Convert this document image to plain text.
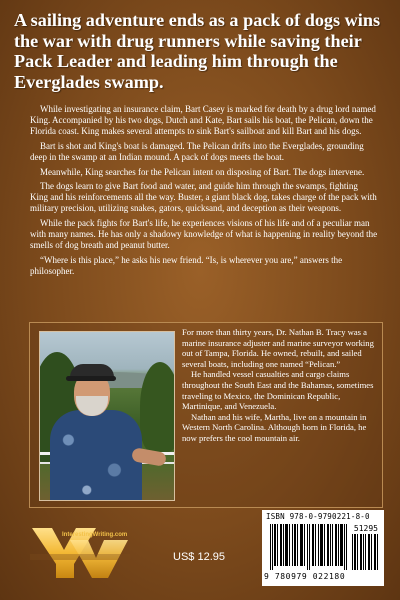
A sailing adventure ends as a pack of dogs wins the war with drug runners while saving their Pack Leader and leading him through the Everglades swamp.

While investigating an insurance claim, Bart Casey is marked for death by a drug lord named King. Accompanied by his two dogs, Dutch and Kate, Bart sails his boat, the Pelican, down the Florida coast. King makes several attempts to sink Bart's sailboat and kill Bart and his dogs.

Bart is shot and King's boat is damaged. The Pelican drifts into the Everglades, grounding deep in the swamp at an Indian mound. A pack of dogs meets the boat.

Meanwhile, King searches for the Pelican intent on disposing of Bart. The dogs intervene.

The dogs learn to give Bart food and water, and guide him through the swamps, fighting King and his reinforcements all the way. Buster, a giant black dog, takes charge of the pack with military precision, utilizing snakes, gators, quicksand, and deception as their weapons.

While the pack fights for Bart's life, he experiences visions of his life and of a peculiar man with many names. He has only a shadowy knowledge of what is happening in reality beyond the smells of dog breath and peanut butter.

“Where is this place,” he asks his new friend. “Is, is wherever you are,” answers the philosopher.

For more than thirty years, Dr. Nathan B. Tracy was a marine insurance adjuster and marine surveyor working out of Tampa, Florida. He owned, rebuilt, and sailed several boats, including one named “Pelican.”

He handled vessel casualties and cargo claims throughout the South East and the Bahamas, sometimes traveling to Mexico, the Dominican Republic, Martinique, and Venezuela.

Nathan and his wife, Martha, live on a mountain in Western North Carolina. Although born in Florida, he now prefers the cool mountain air.

InterestingWriting.com
US$ 12.95
ISBN 978-0-9790221-8-0
51295
9 780979 022180
